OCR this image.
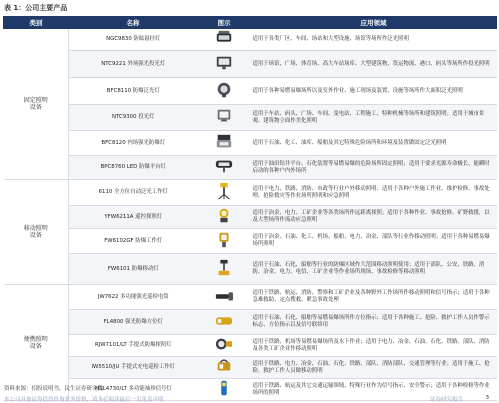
表 1：公司主要产品
类别	名称	图示	应用领域
固定照明
设备	NGC9830 防眩悬挂灯		适用于各类厂区、车间、场站和大型设施、场馆等场所作泛光照明
	NTC9221 外场强光投光灯		适用于场馆、广场、体育场、高大车站场库、大型建筑物、货运物流、港口、码头等场所作投光照明
	BFC8110 防爆泛光灯		适用于各种易燃易爆场所以及室外作业、施工现场及装置、设施等场所作大面积泛光照明
	NTC9300 投光灯		适用于车站、码头、广场、车间、变电站、工程施工、特种机械等场所和建筑照明；适用于城市景观、建筑物立面作美化照明
	BFC8120 内场强光防爆灯		适用于石油、化工、油库、船舶及其它特殊危险场所和环境及装置做固定泛光照明
	BPC8760 LED 防爆平台灯		适用于油田钻井平台、石化装置等易燃易爆的危险场所固定照明；适用于要求光源寿命极长，能瞬时启动的各种户内外场所
移动照明
设备	6110 全方位自动泛光工作灯		适用于电力、铁路、消防、市政等行业户外移动照明；适用于各种户外施工作业、维护检修、事故处理、抢险救灾等作业场所照明和应急照明
	YFW6211A 遥控探照灯		适用于冶金、电力、工矿企业等各类场所作远距离探照；适用于各种作业、事故抢修、矿野救援，以及大型场所作流动应急照明
	FW6102GF 防爆工作灯		适用于冶金、石油、化工、机场、船舶、电力、冶金、部队等行业作移动照明；适用于各种易燃易爆场所照明
	FW6101 防爆移动灯		适用于石油、石化、船舶等行业的防爆区域作大范围移动照明使用；适用于部队、公安、铁路、消防、冶金、电力、电信、工矿企业等作业场所现场、事故检修等移动照明
便携照明
设备	JW7622 多功能强光巡检电筒		适用于铁路、航运、消防、警察和工矿企业及各种野外工作场所作移动照明和信号指示；适用于各种急难救助、定点搜救、紧急事故处理
	FL4800 强光防爆方位灯		适用于石油、石化、船舶等易燃易爆场所作方位指示；适用于各种施工、抢险、救护工作人员作警示标志、方位指示以及信号联络用
	RJW7101/LT 手提式防爆探照灯		适用于铁路、机场等易燃易爆场所及水下作业；适用于电力、冶金、石油、石化、铁路、部队、消防及各类工矿企业作移动照明
	IW5510/JU 手提式充电巡检工作灯		适用于铁路、电力、冶金、石油、石化、铁路、部队、消防部队、交通管理等行业；适用于施工、抢险、救护工作人员做移动照明
	MSL4730/LT 多功能袖珍信号灯		适用于铁路、航运及其它交通运输领域、特殊行业作为信号指示、安全警示；适用于各种检修等作业场所的照明
资料来源：招股说明书，民生证券研究院
本公司具备证券投资咨询业务资格，请务必阅读最后一页免责声明	证券研究报告	3
